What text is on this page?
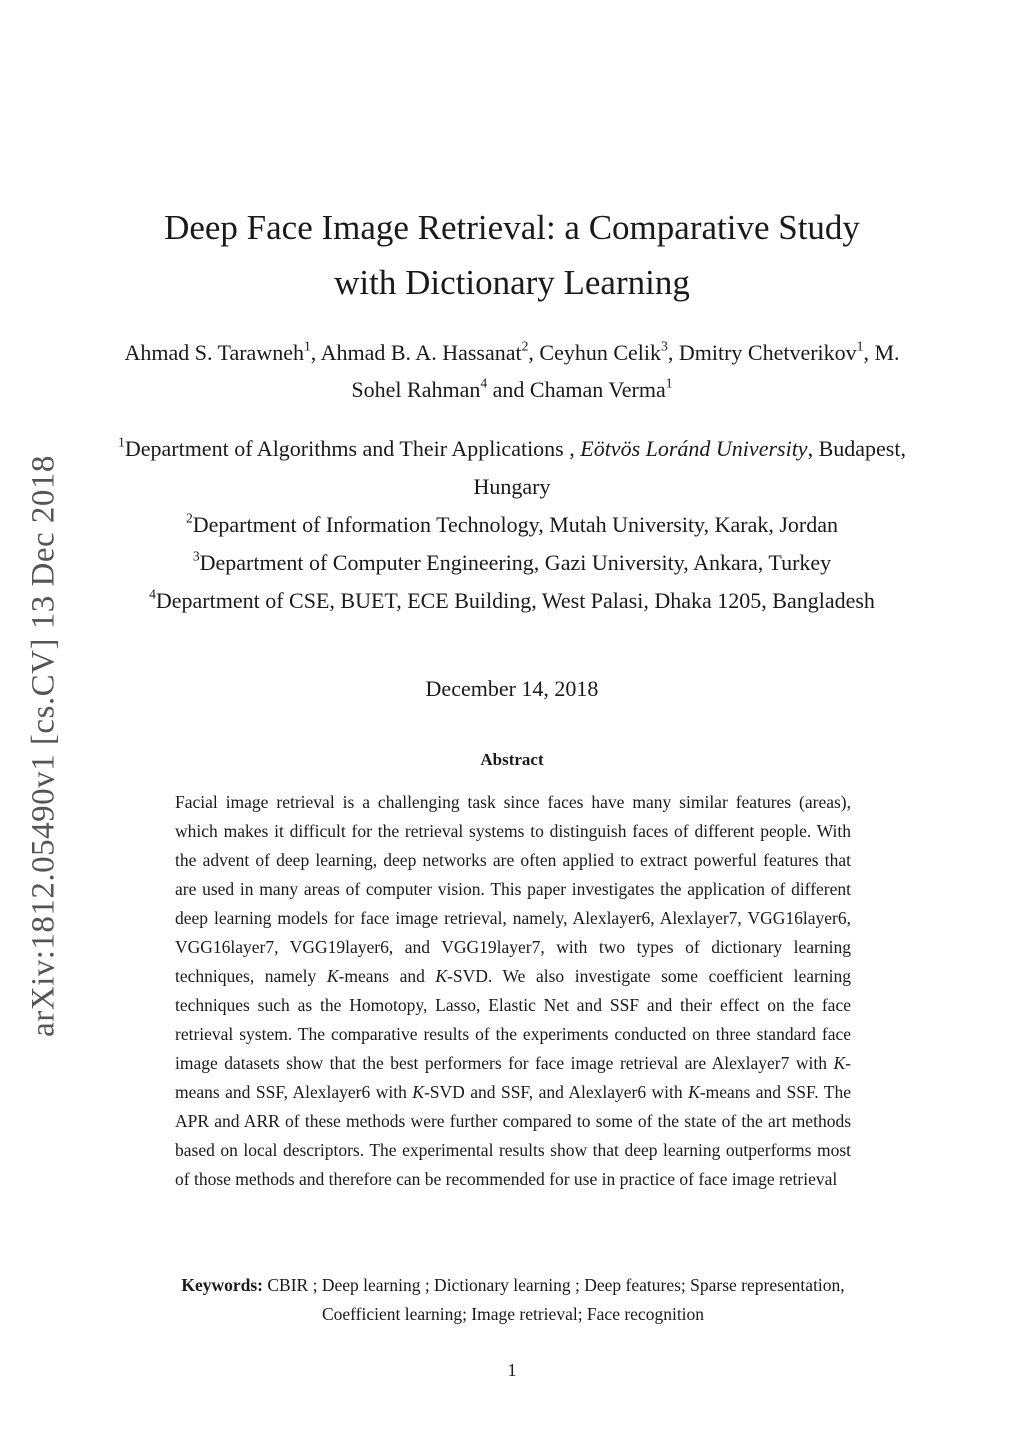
arXiv:1812.05490v1 [cs.CV] 13 Dec 2018
Deep Face Image Retrieval: a Comparative Study
with Dictionary Learning
Ahmad S. Tarawneh$^1$, Ahmad B. A. Hassanat$^2$, Ceyhun Celik$^3$, Dmitry Chetverikov$^1$, M. Sohel Rahman$^4$ and Chaman Verma$^1$
$^1$Department of Algorithms and Their Applications , Eötvös Loránd University, Budapest, Hungary
$^2$Department of Information Technology, Mutah University, Karak, Jordan
$^3$Department of Computer Engineering, Gazi University, Ankara, Turkey
$^4$Department of CSE, BUET, ECE Building, West Palasi, Dhaka 1205, Bangladesh
December 14, 2018
Abstract
Facial image retrieval is a challenging task since faces have many similar features (areas), which makes it difficult for the retrieval systems to distinguish faces of different people. With the advent of deep learning, deep networks are often applied to extract powerful features that are used in many areas of computer vision. This paper investigates the application of different deep learning models for face image retrieval, namely, Alexlayer6, Alexlayer7, VGG16layer6, VGG16layer7, VGG19layer6, and VGG19layer7, with two types of dictionary learning techniques, namely K-means and K-SVD. We also investigate some coefficient learning techniques such as the Homotopy, Lasso, Elastic Net and SSF and their effect on the face retrieval system. The comparative results of the experiments conducted on three standard face image datasets show that the best performers for face image retrieval are Alexlayer7 with K-means and SSF, Alexlayer6 with K-SVD and SSF, and Alexlayer6 with K-means and SSF. The APR and ARR of these methods were further compared to some of the state of the art methods based on local descriptors. The experimental results show that deep learning outperforms most of those methods and therefore can be recommended for use in practice of face image retrieval
Keywords: CBIR ; Deep learning ; Dictionary learning ; Deep features; Sparse representation, Coefficient learning; Image retrieval; Face recognition
1
